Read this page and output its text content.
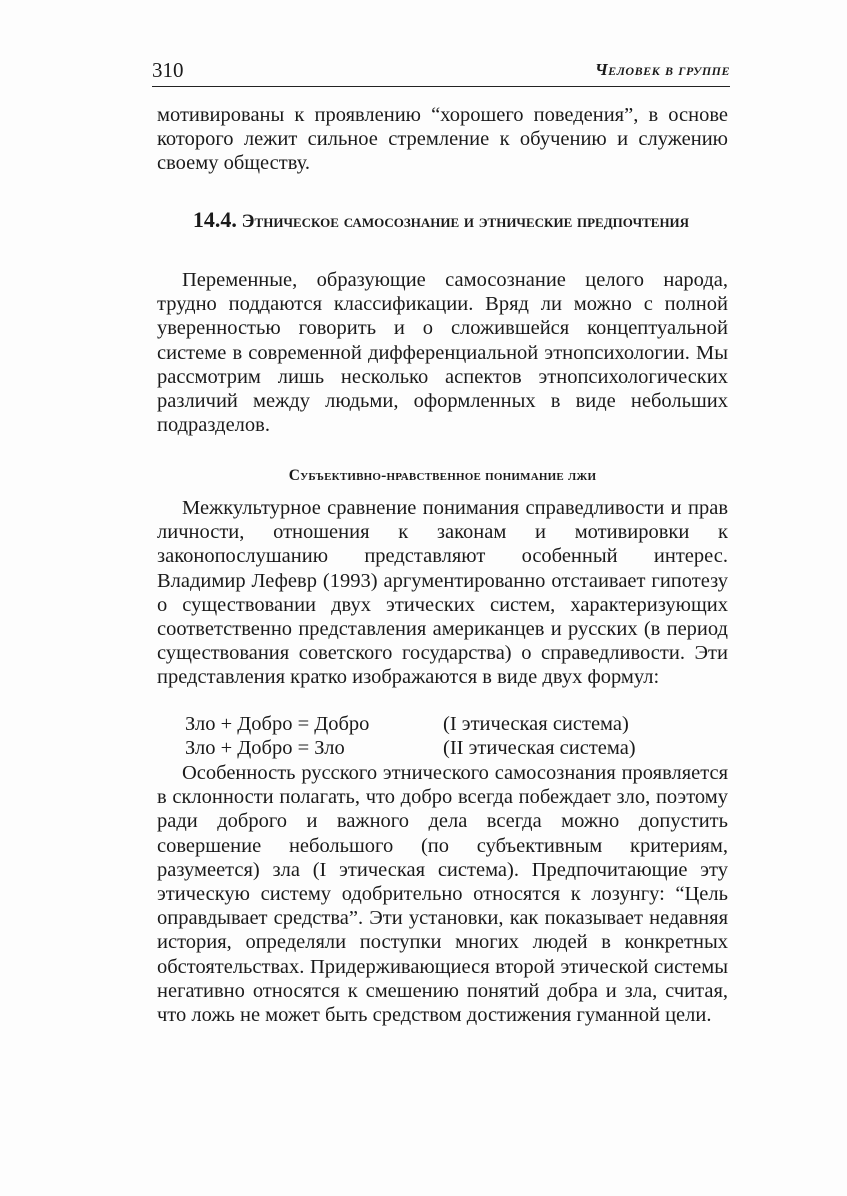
310	Человек в группе
мотивированы к проявлению “хорошего поведения”, в основе которого лежит сильное стремление к обучению и служению своему обществу.
14.4. Этническое самосознание и этнические предпочтения
Переменные, образующие самосознание целого народа, трудно поддаются классификации. Вряд ли можно с полной уверенностью говорить и о сложившейся концептуальной системе в современной дифференциальной этнопсихологии. Мы рассмотрим лишь несколько аспектов этнопсихологических различий между людьми, оформленных в виде небольших подразделов.
Субъективно-нравственное понимание лжи
Межкультурное сравнение понимания справедливости и прав личности, отношения к законам и мотивировки к законопослушанию представляют особенный интерес. Владимир Лефевр (1993) аргументированно отстаивает гипотезу о существовании двух этических систем, характеризующих соответственно представления американцев и русских (в период существования советского государства) о справедливости. Эти представления кратко изображаются в виде двух формул:
Зло + Добро = Добро	(I этическая система)
Зло + Добро = Зло	(II этическая система)
Особенность русского этнического самосознания проявляется в склонности полагать, что добро всегда побеждает зло, поэтому ради доброго и важного дела всегда можно допустить совершение небольшого (по субъективным критериям, разумеется) зла (I этическая система). Предпочитающие эту этическую систему одобрительно относятся к лозунгу: “Цель оправдывает средства”. Эти установки, как показывает недавняя история, определяли поступки многих людей в конкретных обстоятельствах. Придерживающиеся второй этической системы негативно относятся к смешению понятий добра и зла, считая, что ложь не может быть средством достижения гуманной цели.
